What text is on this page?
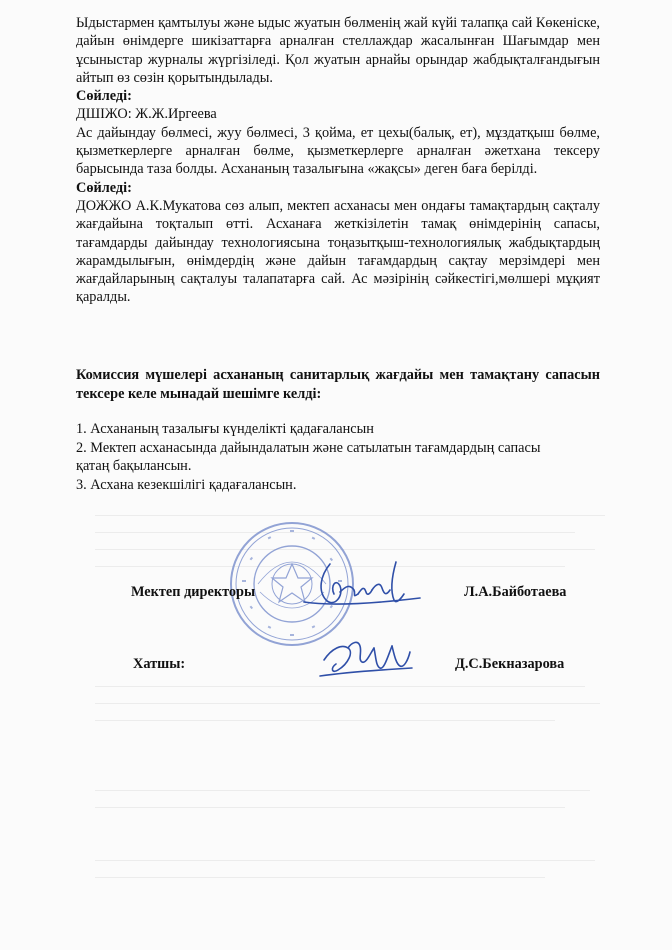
Ыдыстармен қамтылуы және ыдыс жуатын бөлменің жай күйі талапқа сай Көкеніске, дайын өнімдерге шикізаттарға арналған стеллаждар жасалынған Шағымдар мен ұсыныстар журналы жүргізіледі. Қол жуатын арнайы орындар жабдықталғандығын айтып өз сөзін қорытындылады.

Сөйледі:

ДШІЖО: Ж.Ж.Иргеева

Ас дайындау бөлмесі, жуу бөлмесі, 3 қойма, ет цехы(балық, ет), мұздатқыш бөлме, қызметкерлерге арналған бөлме, қызметкерлерге арналған әжетхана тексеру барысында таза болды. Асхананың тазалығына «жақсы» деген баға берілді.

Сөйледі:

ДОЖЖО А.К.Мукатова сөз алып, мектеп асханасы мен ондағы тамақтардың сақталу жағдайына тоқталып өтті. Асханаға жеткізілетін тамақ өнімдерінің сапасы, тағамдарды дайындау технологиясына тоңазытқыш-технологиялық жабдықтардың жарамдылығын, өнімдердің және дайын тағамдардың сақтау мерзімдері мен жағдайларының сақталуы талапатарға сай. Ас мәзірінің сәйкестігі,мөлшері мұқият қаралды.

Комиссия мүшелері асхананың санитарлық жағдайы мен тамақтану сапасын тексере келе мынадай шешімге келді:

1. Асхананың тазалығы күнделікті қадағалансын

2. Мектеп асханасында дайындалатын және сатылатын тағамдардың сапасы

қатаң бақылансын.

3. Асхана кезекшілігі қадағалансын.

Мектеп директоры	Л.А.Байботаева
Хатшы:	Д.С.Бекназарова
